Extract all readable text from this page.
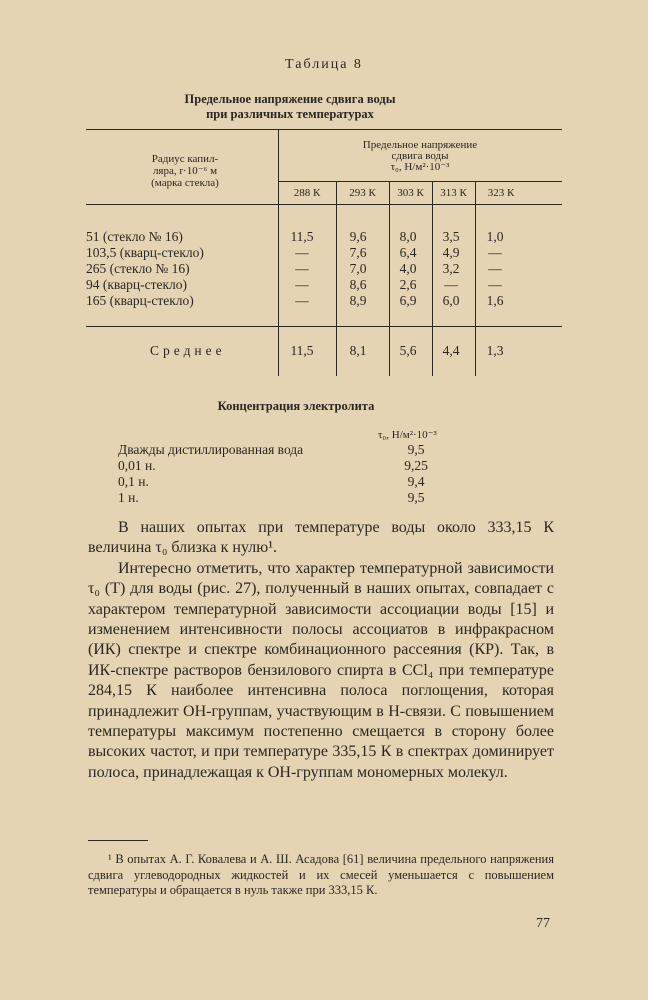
Таблица 8
Предельное напряжение сдвига воды
при различных температурах
Радиус капил-
ляра, r·10⁻⁶ м
(марка стекла)
Предельное напряжение
сдвига воды
τ₀, Н/м²·10⁻³
288 К	293 К	303 К	313 К	323 К
51 (стекло № 16)	11,5	9,6	8,0	3,5	1,0
103,5 (кварц-стекло)	—	7,6	6,4	4,9	—
265 (стекло № 16)	—	7,0	4,0	3,2	—
94 (кварц-стекло)	—	8,6	2,6	—	—
165 (кварц-стекло)	—	8,9	6,9	6,0	1,6
Среднее	11,5	8,1	5,6	4,4	1,3
Концентрация электролита
τ₀, Н/м²·10⁻³
Дважды дистиллированная вода	9,5
0,01 н.	9,25
0,1 н.	9,4
1 н.	9,5

В наших опытах при температуре воды около 333,15 К величина τ₀ близка к нулю¹.

Интересно отметить, что характер температурной зависимости τ₀ (T) для воды (рис. 27), полученный в наших опытах, совпадает с характером температурной зависимости ассоциации воды [15] и изменением интенсивности полосы ассоциатов в инфракрасном (ИК) спектре и спектре комбинационного рассеяния (КР). Так, в ИК-спектре растворов бензилового спирта в CCl₄ при температуре 284,15 К наиболее интенсивна полоса поглощения, которая принадлежит OH-группам, участвующим в H-связи. С повышением температуры максимум постепенно смещается в сторону более высоких частот, и при температуре 335,15 К в спектрах доминирует полоса, принадлежащая к OH-группам мономерных молекул.

¹ В опытах А. Г. Ковалева и А. Ш. Асадова [61] величина предельного напряжения сдвига углеводородных жидкостей и их смесей уменьшается с повышением температуры и обращается в нуль также при 333,15 К.

77
